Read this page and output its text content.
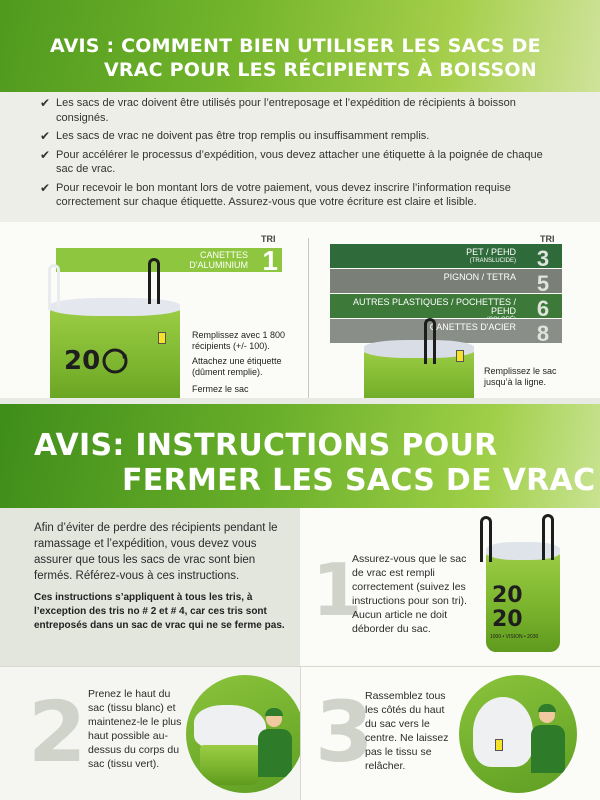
AVIS : COMMENT BIEN UTILISER LES SACS DE
VRAC POUR LES RÉCIPIENTS À BOISSON
✔ Les sacs de vrac doivent être utilisés pour l’entreposage et l’expédition de récipients à boisson consignés.
✔ Les sacs de vrac ne doivent pas être trop remplis ou insuffisamment remplis.
✔ Pour accélérer le processus d’expédition, vous devez attacher une étiquette à la poignée de chaque sac de vrac.
✔ Pour recevoir le bon montant lors de votre paiement, vous devez inscrire l’information requise correctement sur chaque étiquette. Assurez-vous que votre écriture est claire et lisible.
TRI	TRI
CANETTES
D'ALUMINIUM 1
20
Remplissez avec 1 800 récipients (+/- 100).
Attachez une étiquette (dûment remplie).
Fermez le sac
PET / PEHD
(TRANSLUCIDE)
PIGNON / TETRA
AUTRES PLASTIQUES / POCHETTES / PEHD
CANETTES D'ACIER
3
5
6
8
Remplissez le sac jusqu’à la ligne.
AVIS: INSTRUCTIONS POUR
FERMER LES SACS DE VRAC
Afin d’éviter de perdre des récipients pendant le ramassage et l’expédition, vous devez vous assurer que tous les sacs de vrac sont bien fermés. Référez-vous à ces instructions.
Ces instructions s’appliquent à tous les tris, à l’exception des tris no # 2 et # 4, car ces tris sont entreposés dans un sac de vrac qui ne se ferme pas. 1
Assurez-vous que le sac de vrac est rempli correctement (suivez les instructions pour son tri). Aucun article ne doit déborder du sac.
20
20
1000 • VISION • 2030
2 Prenez le haut du sac (tissu blanc) et maintenez-le le plus haut possible au-dessus du corps du sac (tissu vert). 3
Rassemblez tous les côtés du haut du sac vers le centre. Ne laissez pas le tissu se relâcher.
